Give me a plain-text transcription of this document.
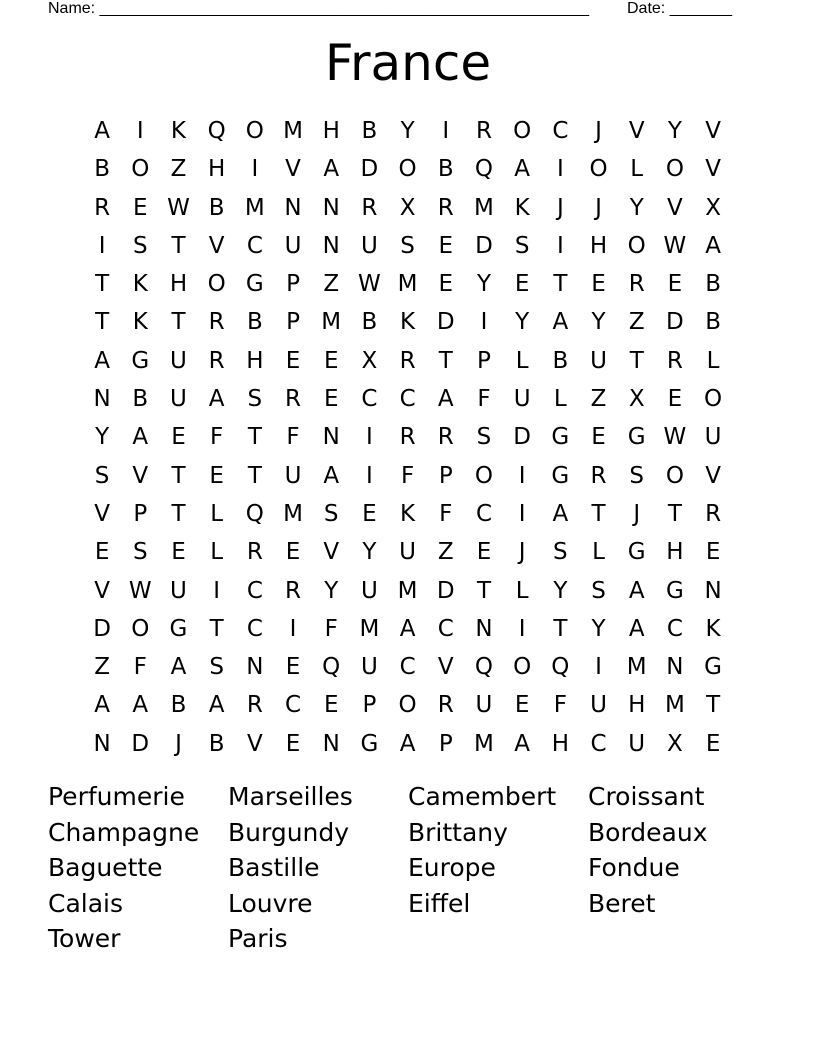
Name: _______________________________________________________ Date: _______
France
A	I	K Q O M H B	Y	I	R O C	J	V	Y	V
B O Z H	I	V A D O B Q A	I	O L O V
R E W B M N N R X R M K	J	J	Y	V X
I	S	T	V C U N U S	E D S	I	H O W A
T	K H O G P	Z W M E	Y	E	T	E R E	B
T	K	T	R B	P M B K D	I	Y	A	Y	Z D B
A G U R H E	E	X R	T	P	L	B U T	R	L
N B U A	S R E C C A	F	U	L	Z X	E O
Y	A	E	F	T	F N	I	R R S D G E G W U
S	V	T	E	T U A	I	F	P O	I	G R S O V
V	P	T	L Q M S	E	K	F	C	I	A	T	J	T	R
E	S	E	L	R E	V	Y U Z	E	J	S	L G H E
V W U	I	C R	Y U M D T	L	Y	S	A G N
D O G T	C	I	F M A C N	I	T	Y	A C K
Z	F	A	S N E Q U C V Q O Q	I	M N G
A A B A R C E	P O R U E	F	U H M T
N D	J	B V	E N G A	P M A H C U X	E
Perfumerie	Marseilles	Camembert	Croissant
Champagne	Burgundy	Brittany	Bordeaux
Baguette	Bastille	Europe	Fondue
Calais	Louvre	Eiffel	Beret
Tower	Paris
